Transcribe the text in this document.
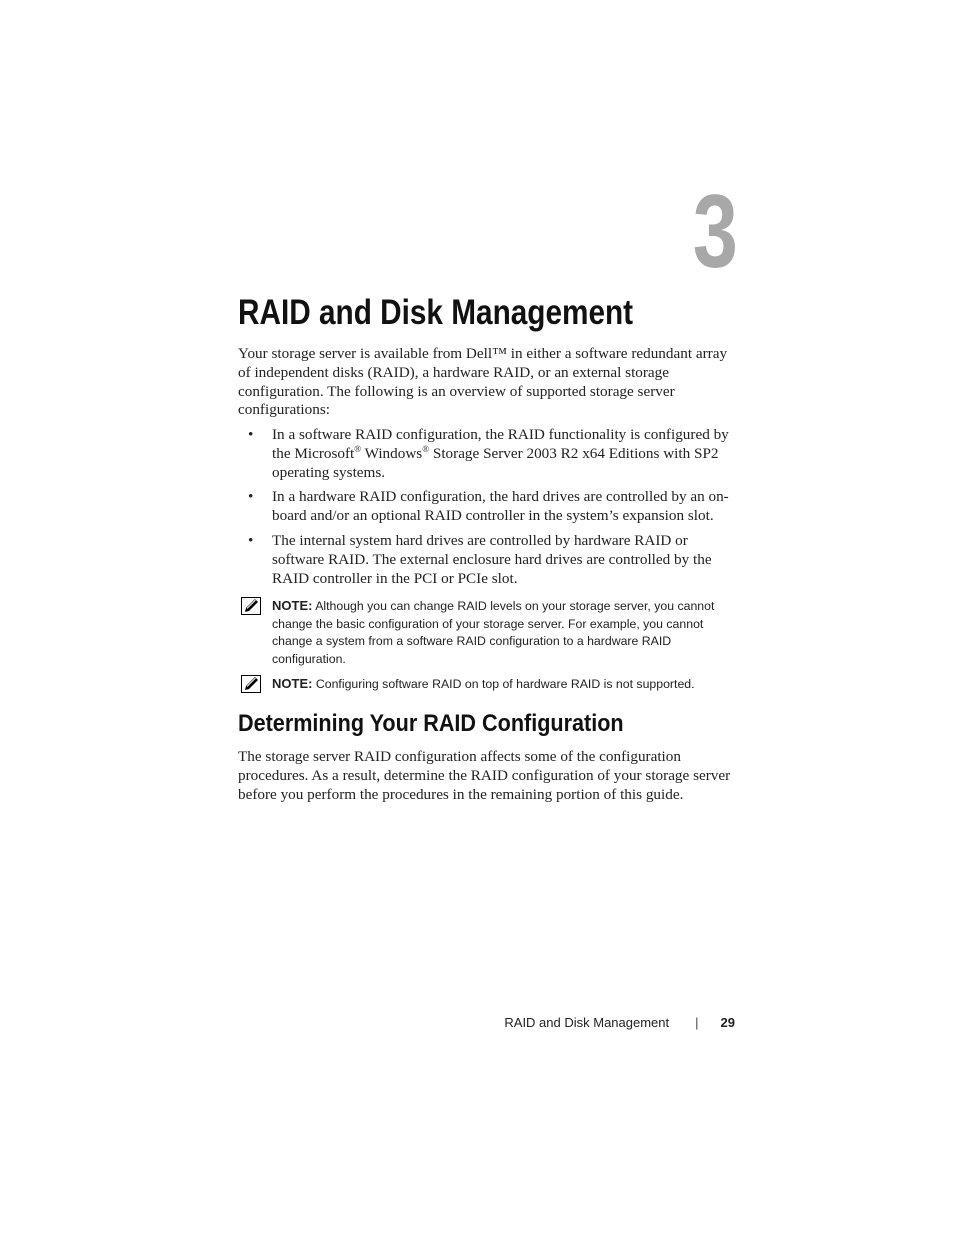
3
RAID and Disk Management

Your storage server is available from Dell™ in either a software redundant array of independent disks (RAID), a hardware RAID, or an external storage configuration. The following is an overview of supported storage server configurations:

• In a software RAID configuration, the RAID functionality is configured by the Microsoft® Windows® Storage Server 2003 R2 x64 Editions with SP2 operating systems.
• In a hardware RAID configuration, the hard drives are controlled by an on-board and/or an optional RAID controller in the system’s expansion slot.
• The internal system hard drives are controlled by hardware RAID or software RAID. The external enclosure hard drives are controlled by the RAID controller in the PCI or PCIe slot.
NOTE: Although you can change RAID levels on your storage server, you cannot change the basic configuration of your storage server. For example, you cannot change a system from a software RAID configuration to a hardware RAID configuration.
NOTE: Configuring software RAID on top of hardware RAID is not supported.
Determining Your RAID Configuration

The storage server RAID configuration affects some of the configuration procedures. As a result, determine the RAID configuration of your storage server before you perform the procedures in the remaining portion of this guide.

RAID and Disk Management | 29
